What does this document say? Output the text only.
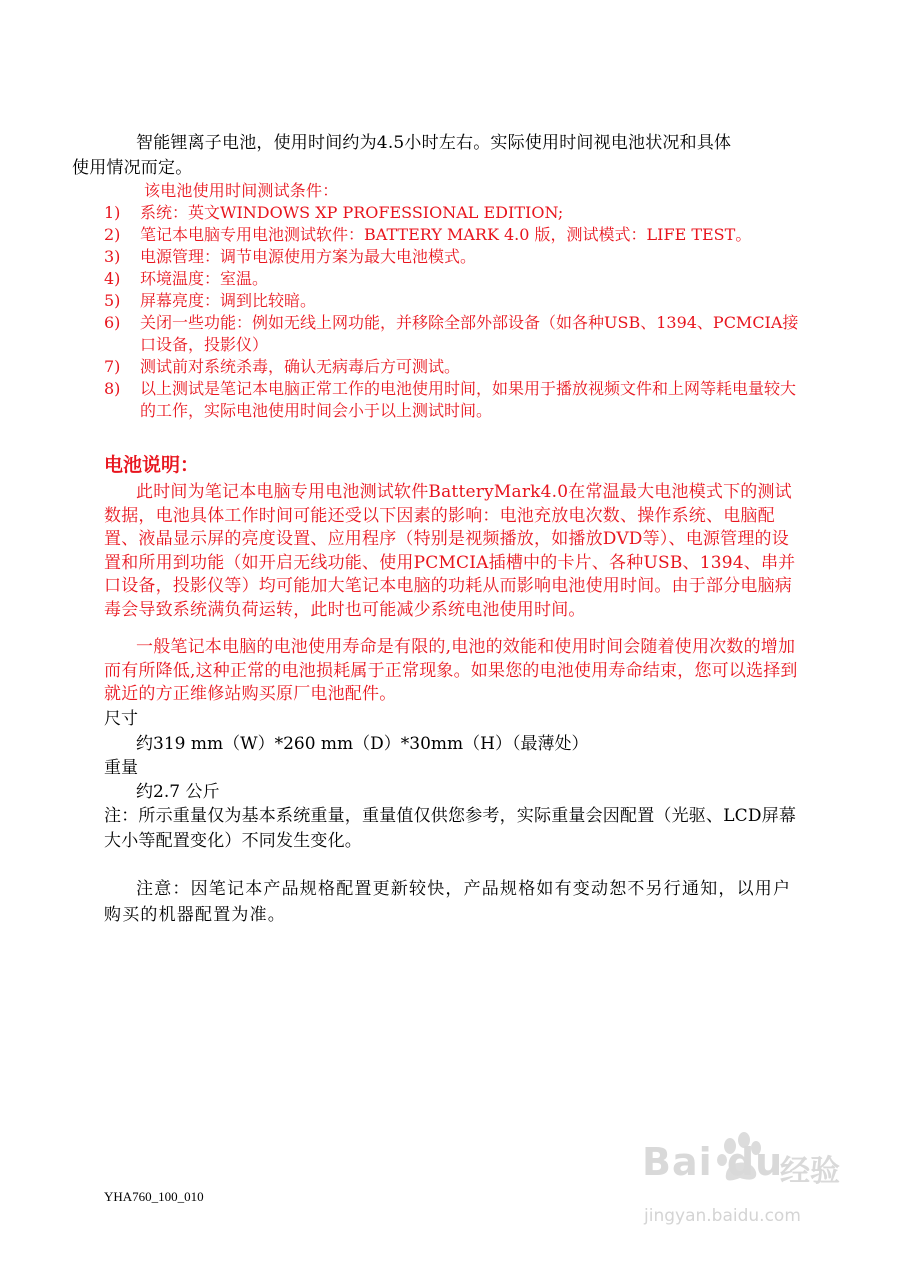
智能锂离子电池，使用时间约为4.5小时左右。实际使用时间视电池状况和具体
使用情况而定。
该电池使用时间测试条件：
1)	系统：英文WINDOWS XP PROFESSIONAL EDITION;
2)	笔记本电脑专用电池测试软件：BATTERY MARK 4.0 版，测试模式：LIFE TEST。
3)	电源管理：调节电源使用方案为最大电池模式。
4)	环境温度：室温。
5)	屏幕亮度：调到比较暗。
6)	关闭一些功能：例如无线上网功能，并移除全部外部设备（如各种USB、1394、PCMCIA接口设备，投影仪）
7)	测试前对系统杀毒，确认无病毒后方可测试。
8)	以上测试是笔记本电脑正常工作的电池使用时间，如果用于播放视频文件和上网等耗电量较大的工作，实际电池使用时间会小于以上测试时间。
电池说明：
此时间为笔记本电脑专用电池测试软件BatteryMark4.0在常温最大电池模式下的测试数据，电池具体工作时间可能还受以下因素的影响：电池充放电次数、操作系统、电脑配置、液晶显示屏的亮度设置、应用程序（特别是视频播放，如播放DVD等）、电源管理的设置和所用到功能（如开启无线功能、使用PCMCIA插槽中的卡片、各种USB、1394、串并口设备，投影仪等）均可能加大笔记本电脑的功耗从而影响电池使用时间。由于部分电脑病毒会导致系统满负荷运转，此时也可能减少系统电池使用时间。
一般笔记本电脑的电池使用寿命是有限的,电池的效能和使用时间会随着使用次数的增加而有所降低,这种正常的电池损耗属于正常现象。如果您的电池使用寿命结束，您可以选择到就近的方正维修站购买原厂电池配件。
尺寸
约319 mm（W）*260 mm（D）*30mm（H）（最薄处）
重量
约2.7 公斤
注：所示重量仅为基本系统重量，重量值仅供您参考，实际重量会因配置（光驱、LCD屏幕大小等配置变化）不同发生变化。
注意：因笔记本产品规格配置更新较快，产品规格如有变动恕不另行通知，以用户购买的机器配置为准。
YHA760_100_010
Bai du
经验
jingyan.baidu.com
